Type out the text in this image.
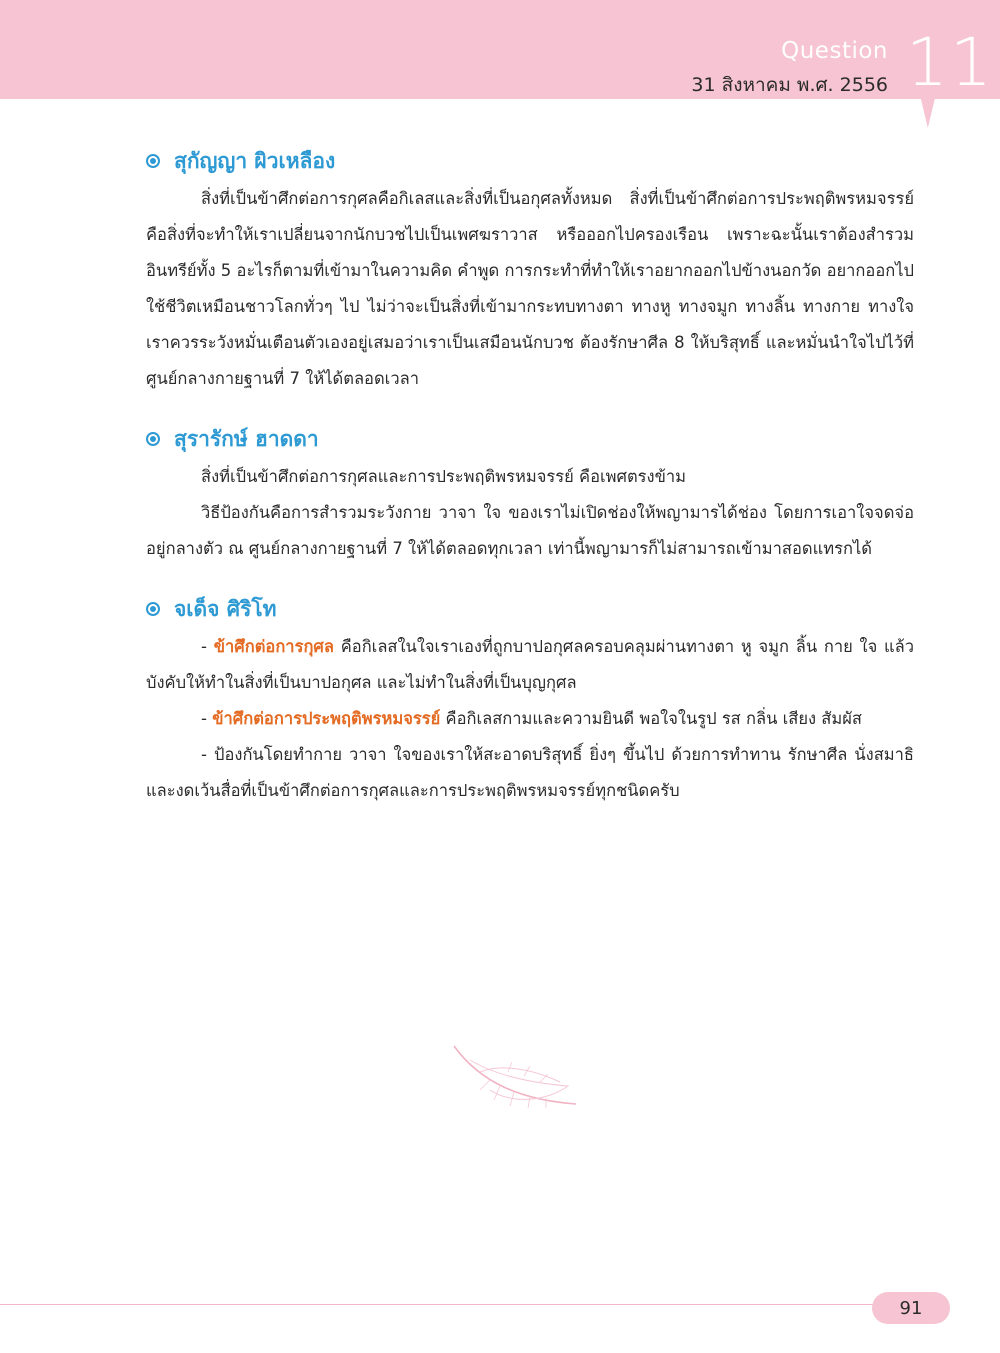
Question
31 สิงหาคม พ.ศ. 2556 11
สุกัญญา ผิวเหลือง

สิ่งที่เป็นข้าศึกต่อการกุศลคือกิเลสและสิ่งที่เป็นอกุศลทั้งหมด สิ่งที่เป็นข้าศึกต่อการประพฤติพรหมจรรย์คือสิ่งที่จะทำให้เราเปลี่ยนจากนักบวชไปเป็นเพศฆราวาส หรือออกไปครองเรือน เพราะฉะนั้นเราต้องสำรวมอินทรีย์ทั้ง 5 อะไรก็ตามที่เข้ามาในความคิด คำพูด การกระทำที่ทำให้เราอยากออกไปข้างนอกวัด อยากออกไปใช้ชีวิตเหมือนชาวโลกทั่วๆ ไป ไม่ว่าจะเป็นสิ่งที่เข้ามากระทบทางตา ทางหู ทางจมูก ทางลิ้น ทางกาย ทางใจ เราควรระวังหมั่นเตือนตัวเองอยู่เสมอว่าเราเป็นเสมือนนักบวช ต้องรักษาศีล 8 ให้บริสุทธิ์ และหมั่นนำใจไปไว้ที่ศูนย์กลางกายฐานที่ 7 ให้ได้ตลอดเวลา

สุรารักษ์ ฮาดดา

สิ่งที่เป็นข้าศึกต่อการกุศลและการประพฤติพรหมจรรย์ คือเพศตรงข้าม

วิธีป้องกันคือการสำรวมระวังกาย วาจา ใจ ของเราไม่เปิดช่องให้พญามารได้ช่อง โดยการเอาใจจดจ่ออยู่กลางตัว ณ ศูนย์กลางกายฐานที่ 7 ให้ได้ตลอดทุกเวลา เท่านี้พญามารก็ไม่สามารถเข้ามาสอดแทรกได้

จเด็จ ศิริโท

- ข้าศึกต่อการกุศล คือกิเลสในใจเราเองที่ถูกบาปอกุศลครอบคลุมผ่านทางตา หู จมูก ลิ้น กาย ใจ แล้วบังคับให้ทำในสิ่งที่เป็นบาปอกุศล และไม่ทำในสิ่งที่เป็นบุญกุศล

- ข้าศึกต่อการประพฤติพรหมจรรย์ คือกิเลสกามและความยินดี พอใจในรูป รส กลิ่น เสียง สัมผัส

- ป้องกันโดยทำกาย วาจา ใจของเราให้สะอาดบริสุทธิ์ ยิ่งๆ ขึ้นไป ด้วยการทำทาน รักษาศีล นั่งสมาธิ และงดเว้นสื่อที่เป็นข้าศึกต่อการกุศลและการประพฤติพรหมจรรย์ทุกชนิดครับ

91
